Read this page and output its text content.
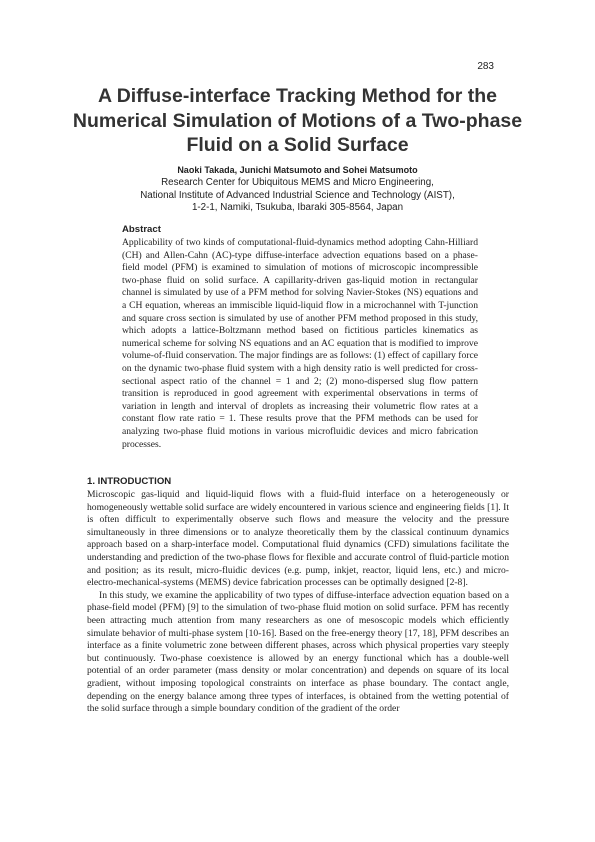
283
A Diffuse-interface Tracking Method for the Numerical Simulation of Motions of a Two-phase Fluid on a Solid Surface
Naoki Takada, Junichi Matsumoto and Sohei Matsumoto
Research Center for Ubiquitous MEMS and Micro Engineering,
National Institute of Advanced Industrial Science and Technology (AIST),
1-2-1, Namiki, Tsukuba, Ibaraki 305-8564, Japan
Abstract
Applicability of two kinds of computational-fluid-dynamics method adopting Cahn-Hilliard (CH) and Allen-Cahn (AC)-type diffuse-interface advection equations based on a phase-field model (PFM) is examined to simulation of motions of microscopic incompressible two-phase fluid on solid surface. A capillarity-driven gas-liquid motion in rectangular channel is simulated by use of a PFM method for solving Navier-Stokes (NS) equations and a CH equation, whereas an immiscible liquid-liquid flow in a microchannel with T-junction and square cross section is simulated by use of another PFM method proposed in this study, which adopts a lattice-Boltzmann method based on fictitious particles kinematics as numerical scheme for solving NS equations and an AC equation that is modified to improve volume-of-fluid conservation. The major findings are as follows: (1) effect of capillary force on the dynamic two-phase fluid system with a high density ratio is well predicted for cross-sectional aspect ratio of the channel = 1 and 2; (2) mono-dispersed slug flow pattern transition is reproduced in good agreement with experimental observations in terms of variation in length and interval of droplets as increasing their volumetric flow rates at a constant flow rate ratio = 1. These results prove that the PFM methods can be used for analyzing two-phase fluid motions in various microfluidic devices and micro fabrication processes.
1. INTRODUCTION

Microscopic gas-liquid and liquid-liquid flows with a fluid-fluid interface on a heterogeneously or homogeneously wettable solid surface are widely encountered in various science and engineering fields [1]. It is often difficult to experimentally observe such flows and measure the velocity and the pressure simultaneously in three dimensions or to analyze theoretically them by the classical continuum dynamics approach based on a sharp-interface model. Computational fluid dynamics (CFD) simulations facilitate the understanding and prediction of the two-phase flows for flexible and accurate control of fluid-particle motion and position; as its result, micro-fluidic devices (e.g. pump, inkjet, reactor, liquid lens, etc.) and micro-electro-mechanical-systems (MEMS) device fabrication processes can be optimally designed [2-8].

In this study, we examine the applicability of two types of diffuse-interface advection equation based on a phase-field model (PFM) [9] to the simulation of two-phase fluid motion on solid surface. PFM has recently been attracting much attention from many researchers as one of mesoscopic models which efficiently simulate behavior of multi-phase system [10-16]. Based on the free-energy theory [17, 18], PFM describes an interface as a finite volumetric zone between different phases, across which physical properties vary steeply but continuously. Two-phase coexistence is allowed by an energy functional which has a double-well potential of an order parameter (mass density or molar concentration) and depends on square of its local gradient, without imposing topological constraints on interface as phase boundary. The contact angle, depending on the energy balance among three types of interfaces, is obtained from the wetting potential of the solid surface through a simple boundary condition of the gradient of the order
